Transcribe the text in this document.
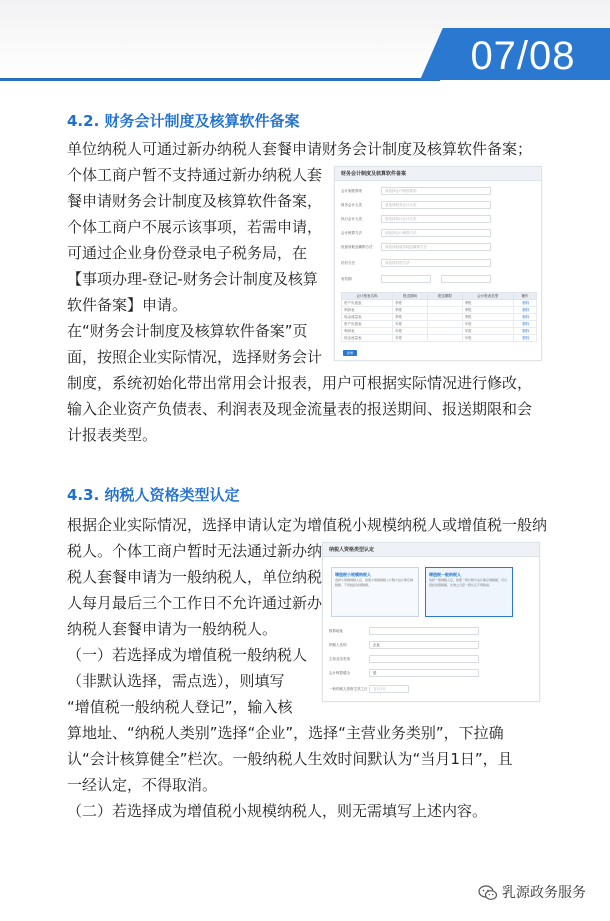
07/08
4.2. 财务会计制度及核算软件备案
单位纳税人可通过新办纳税人套餐申请财务会计制度及核算软件备案；
个体工商户暂不支持通过新办纳税人套
餐申请财务会计制度及核算软件备案，
个体工商户不展示该事项，若需申请，
可通过企业身份登录电子税务局，在
【事项办理-登记-财务会计制度及核算
软件备案】申请。
在“财务会计制度及核算软件备案”页
面，按照企业实际情况，选择财务会计
制度，系统初始化带出常用会计报表，用户可根据实际情况进行修改，
输入企业资产负债表、利润表及现金流量表的报送期间、报送期限和会
计报表类型。
财务会计制度及核算软件备案
会计制度准则	请选择会计制度准则
财务会计大类	请选择财务会计大类
执行会计大类	请选择执行会计大类
会计核算方法	请选择会计核算方法
低值易耗品摊销方法	请选择低值易耗品摊销方法
折旧方法	请选择折旧方法
有效期
会计报表名称	报送期间	报送期限	会计报表类型	操作
资产负债表	季度		季报	删除
利润表	季度		季报	删除
现金流量表	季度		季报	删除
资产负债表	年度		年报	删除
利润表	年度		年报	删除
现金流量表	年度		年报	删除
新增
4.3. 纳税人资格类型认定
根据企业实际情况，选择申请认定为增值税小规模纳税人或增值税一般纳
税人。个体工商户暂时无法通过新办纳
税人套餐申请为一般纳税人，单位纳税
人每月最后三个工作日不允许通过新办
纳税人套餐申请为一般纳税人。
（一）若选择成为增值税一般纳税人
（非默认选择，需点选），则填写
“增值税一般纳税人登记”，输入核
算地址、“纳税人类别”选择“企业”，选择“主营业务类别”，下拉确
认“会计核算健全”栏次。一般纳税人生效时间默认为“当月1日”，且
一经认定，不得取消。
（二）若选择成为增值税小规模纳税人，则无需填写上述内容。
纳税人资格类型认定
增值税小规模纳税人
选择小规模纳税人后，按照小规模纳税人计税方法计算应纳税额，不得抵扣进项税额。
增值税一般纳税人
选择一般纳税人后，按照一般计税方法计算应纳税额，可以抵扣进项税额，生效之日起一经认定不得取消。
核算地址
纳税人类别	企业
主营业务类别
会计核算健全	是
一般纳税人资格生效之日	当月1日
乳源政务服务
